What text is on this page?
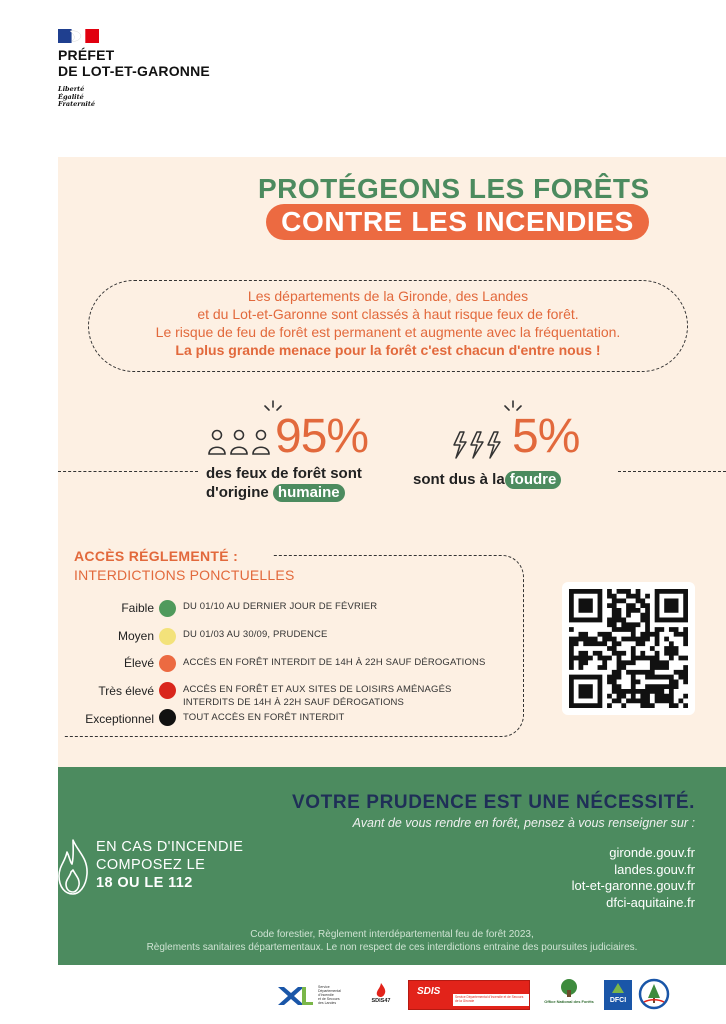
PRÉFET
DE LOT-ET-GARONNE
Liberté
Égalité
Fraternité
PROTÉGEONS LES FORÊTS
CONTRE LES INCENDIES
Les départements de la Gironde, des Landes
et du Lot-et-Garonne sont classés à haut risque feux de forêt.
Le risque de feu de forêt est permanent et augmente avec la fréquentation.
La plus grande menace pour la forêt c'est chacun d'entre nous !
95%
des feux de forêt sont
d'origine humaine
5%
sont dus à la foudre
ACCÈS RÉGLEMENTÉ :
INTERDICTIONS PONCTUELLES
Faible	DU 01/10 AU DERNIER JOUR DE FÉVRIER
Moyen	DU 01/03 AU 30/09, PRUDENCE
Élevé	ACCÈS EN FORÊT INTERDIT DE 14H À 22H SAUF DÉROGATIONS
Très élevé	ACCÈS EN FORÊT ET AUX SITES DE LOISIRS AMÉNAGÉS
INTERDITS DE 14H À 22H SAUF DÉROGATIONS
Exceptionnel	TOUT ACCÈS EN FORÊT INTERDIT
VOTRE PRUDENCE EST UNE NÉCESSITÉ.
Avant de vous rendre en forêt, pensez à vous renseigner sur :
gironde.gouv.fr
landes.gouv.fr
lot-et-garonne.gouv.fr
dfci-aquitaine.fr
EN CAS D'INCENDIE
COMPOSEZ LE
18 OU LE 112
Code forestier, Règlement interdépartemental feu de forêt 2023,
Règlements sanitaires départementaux. Le non respect de ces interdictions entraine des poursuites judiciaires.
Service
Départemental
d'Incendie
et de Secours
des Landes	SDIS47
SDIS	Service Départemental d'Incendie et de Secours de la Gironde	Office National des Forêts	DFCI
